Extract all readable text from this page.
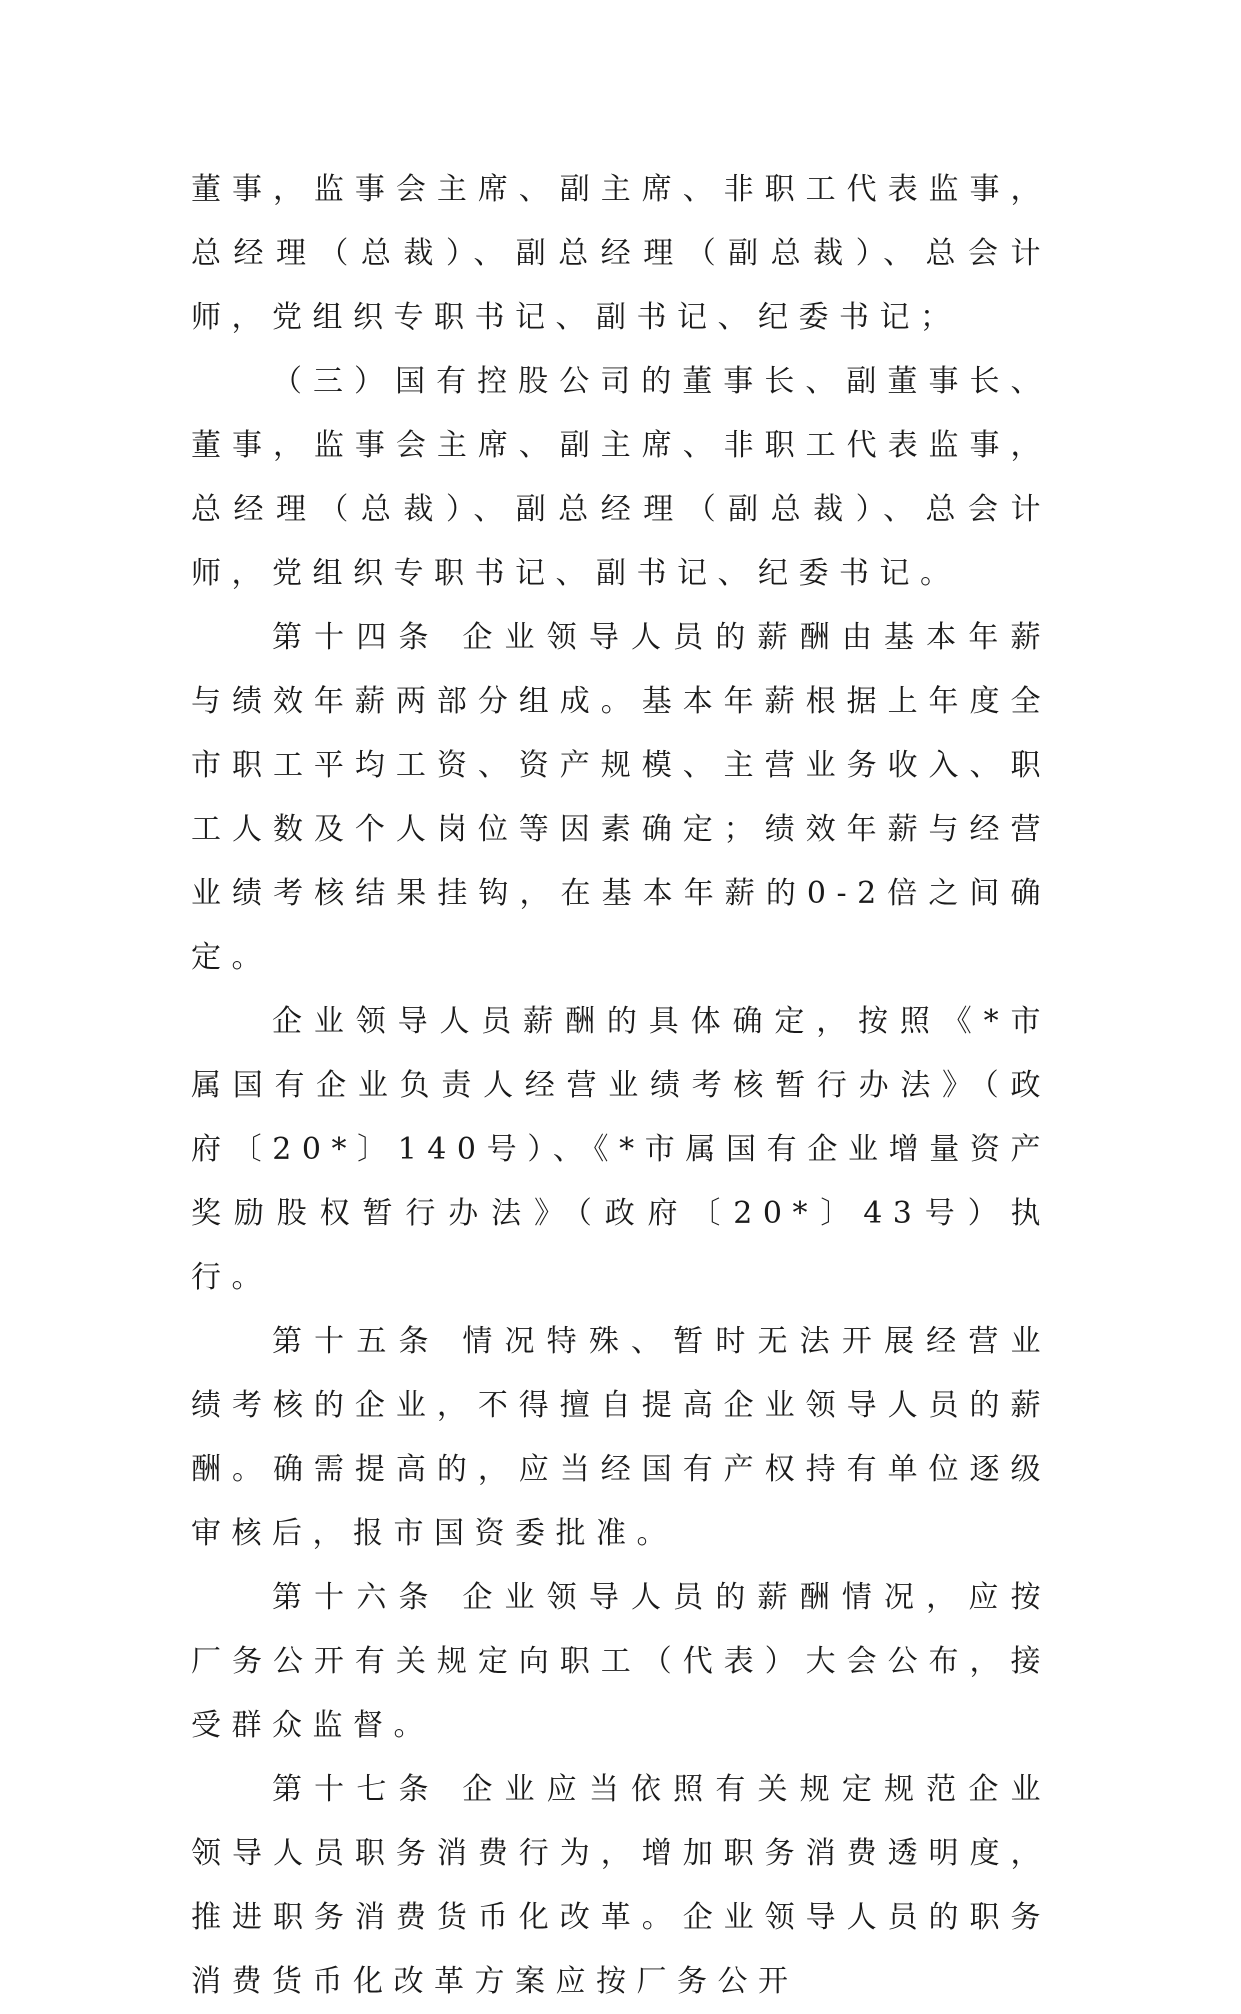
董事，监事会主席、副主席、非职工代表监事，总经理（总裁）、副总经理（副总裁）、总会计师，党组织专职书记、副书记、纪委书记；

（三）国有控股公司的董事长、副董事长、董事，监事会主席、副主席、非职工代表监事，总经理（总裁）、副总经理（副总裁）、总会计师，党组织专职书记、副书记、纪委书记。

第十四条 企业领导人员的薪酬由基本年薪与绩效年薪两部分组成。基本年薪根据上年度全市职工平均工资、资产规模、主营业务收入、职工人数及个人岗位等因素确定；绩效年薪与经营业绩考核结果挂钩，在基本年薪的0-2倍之间确定。

企业领导人员薪酬的具体确定，按照《*市属国有企业负责人经营业绩考核暂行办法》（政府〔20*〕140号）、《*市属国有企业增量资产奖励股权暂行办法》（政府〔20*〕43号）执行。

第十五条 情况特殊、暂时无法开展经营业绩考核的企业，不得擅自提高企业领导人员的薪酬。确需提高的，应当经国有产权持有单位逐级审核后，报市国资委批准。

第十六条 企业领导人员的薪酬情况，应按厂务公开有关规定向职工（代表）大会公布，接受群众监督。

第十七条 企业应当依照有关规定规范企业领导人员职务消费行为，增加职务消费透明度，推进职务消费货币化改革。企业领导人员的职务消费货币化改革方案应按厂务公开
